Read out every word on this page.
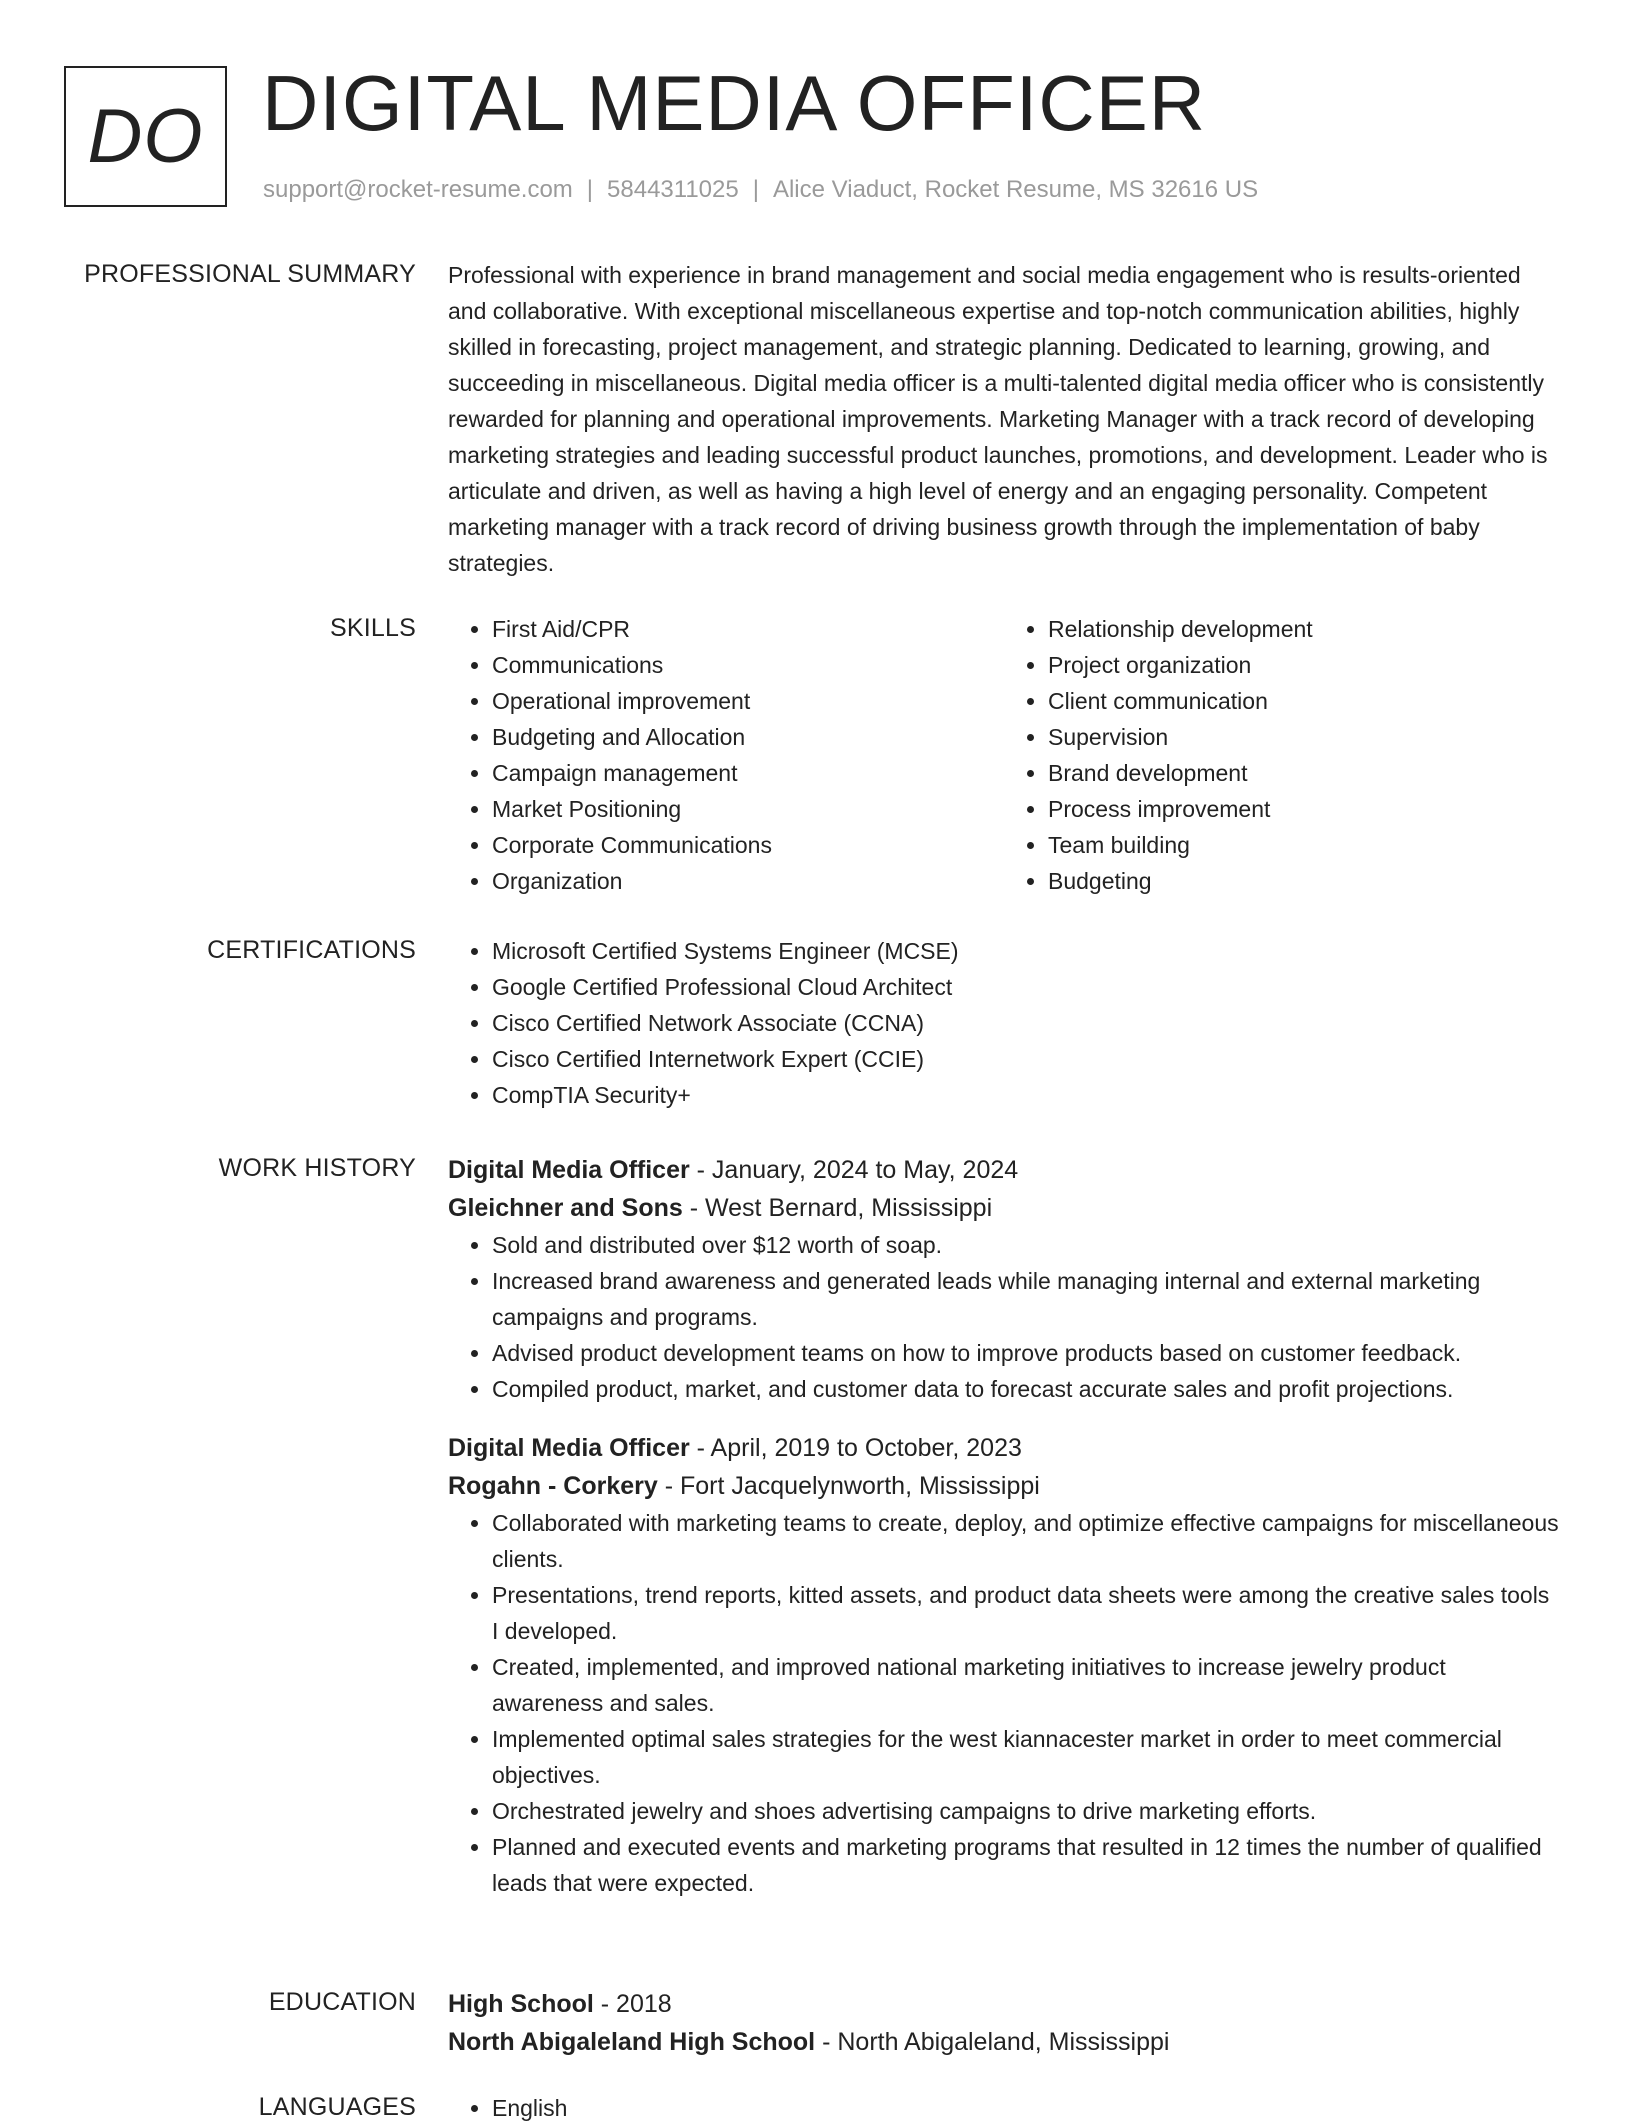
DO DIGITAL MEDIA OFFICER
support@rocket-resume.com | 5844311025 | Alice Viaduct, Rocket Resume, MS 32616 US
PROFESSIONAL SUMMARY Professional with experience in brand management and social media engagement who is results-oriented and collaborative. With exceptional miscellaneous expertise and top-notch communication abilities, highly skilled in forecasting, project management, and strategic planning. Dedicated to learning, growing, and succeeding in miscellaneous. Digital media officer is a multi-talented digital media officer who is consistently rewarded for planning and operational improvements. Marketing Manager with a track record of developing marketing strategies and leading successful product launches, promotions, and development. Leader who is articulate and driven, as well as having a high level of energy and an engaging personality. Competent marketing manager with a track record of driving business growth through the implementation of baby strategies.

SKILLS	• First Aid/CPR
• Communications
• Operational improvement
• Budgeting and Allocation
• Campaign management
• Market Positioning
• Corporate Communications
• Organization
• Relationship development
• Project organization
• Client communication
• Supervision
• Brand development
• Process improvement
• Team building
• Budgeting
CERTIFICATIONS	• Microsoft Certified Systems Engineer (MCSE)
• Google Certified Professional Cloud Architect
• Cisco Certified Network Associate (CCNA)
• Cisco Certified Internetwork Expert (CCIE)
• CompTIA Security+
WORK HISTORY Digital Media Officer - January, 2024 to May, 2024
Gleichner and Sons - West Bernard, Mississippi
• Sold and distributed over $12 worth of soap.
• Increased brand awareness and generated leads while managing internal and external marketing campaigns and programs.
• Advised product development teams on how to improve products based on customer feedback.
• Compiled product, market, and customer data to forecast accurate sales and profit projections.
Digital Media Officer - April, 2019 to October, 2023
Rogahn - Corkery - Fort Jacquelynworth, Mississippi
• Collaborated with marketing teams to create, deploy, and optimize effective campaigns for miscellaneous clients.
• Presentations, trend reports, kitted assets, and product data sheets were among the creative sales tools I developed.
• Created, implemented, and improved national marketing initiatives to increase jewelry product awareness and sales.
• Implemented optimal sales strategies for the west kiannacester market in order to meet commercial objectives.
• Orchestrated jewelry and shoes advertising campaigns to drive marketing efforts.
• Planned and executed events and marketing programs that resulted in 12 times the number of qualified leads that were expected.
EDUCATION High School - 2018
North Abigaleland High School - North Abigaleland, Mississippi
LANGUAGES	• English
